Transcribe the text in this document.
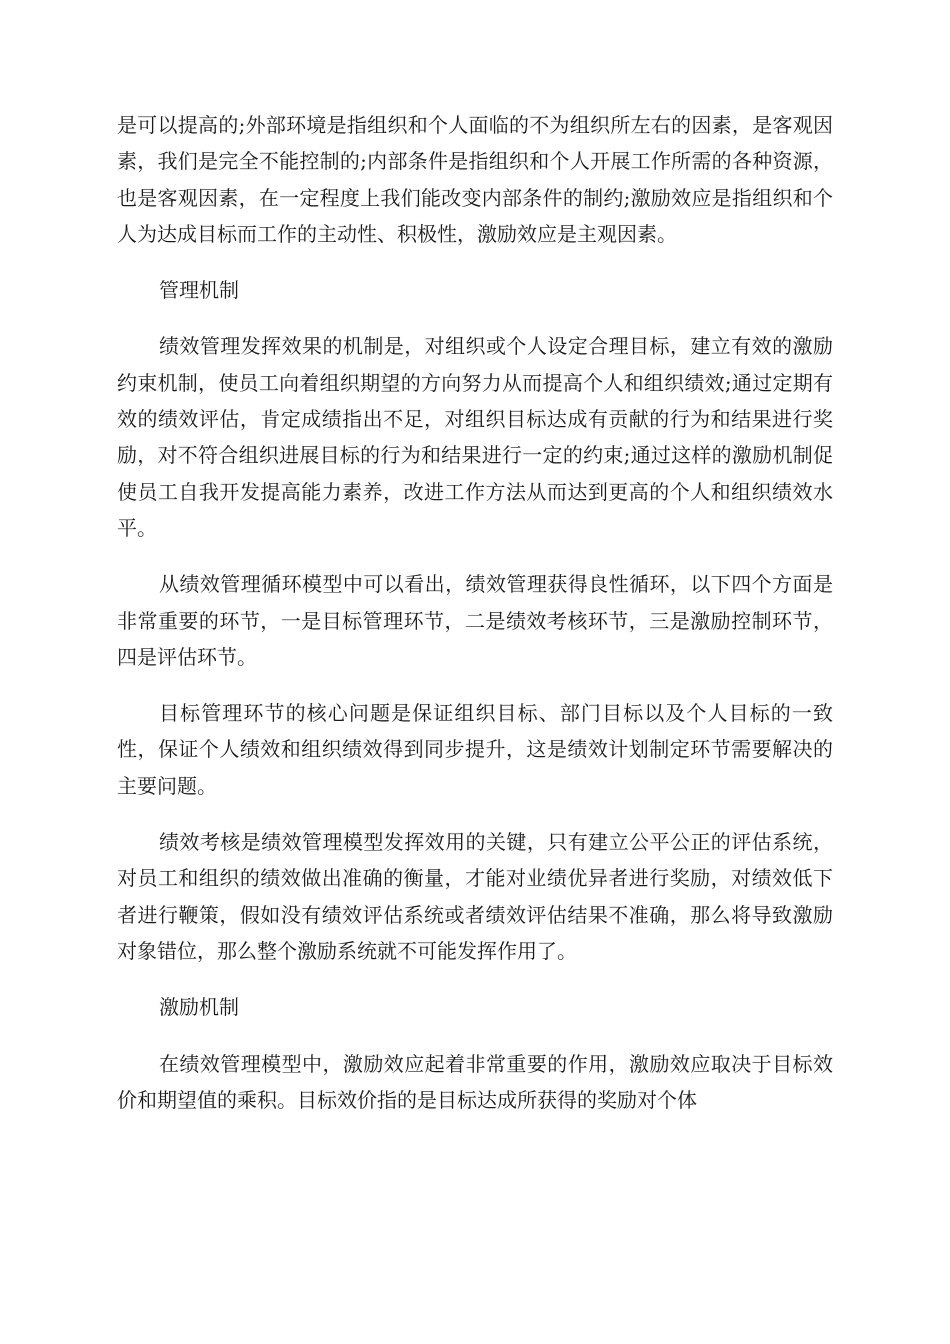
是可以提高的;外部环境是指组织和个人面临的不为组织所左右的因素，是客观因素，我们是完全不能控制的;内部条件是指组织和个人开展工作所需的各种资源，也是客观因素，在一定程度上我们能改变内部条件的制约;激励效应是指组织和个人为达成目标而工作的主动性、积极性，激励效应是主观因素。

管理机制

绩效管理发挥效果的机制是，对组织或个人设定合理目标，建立有效的激励约束机制，使员工向着组织期望的方向努力从而提高个人和组织绩效;通过定期有效的绩效评估，肯定成绩指出不足，对组织目标达成有贡献的行为和结果进行奖励，对不符合组织进展目标的行为和结果进行一定的约束;通过这样的激励机制促使员工自我开发提高能力素养，改进工作方法从而达到更高的个人和组织绩效水平。

从绩效管理循环模型中可以看出，绩效管理获得良性循环，以下四个方面是非常重要的环节，一是目标管理环节，二是绩效考核环节，三是激励控制环节，四是评估环节。

目标管理环节的核心问题是保证组织目标、部门目标以及个人目标的一致性，保证个人绩效和组织绩效得到同步提升，这是绩效计划制定环节需要解决的主要问题。

绩效考核是绩效管理模型发挥效用的关键，只有建立公平公正的评估系统，对员工和组织的绩效做出准确的衡量，才能对业绩优异者进行奖励，对绩效低下者进行鞭策，假如没有绩效评估系统或者绩效评估结果不准确，那么将导致激励对象错位，那么整个激励系统就不可能发挥作用了。

激励机制

在绩效管理模型中，激励效应起着非常重要的作用，激励效应取决于目标效价和期望值的乘积。目标效价指的是目标达成所获得的奖励对个体
